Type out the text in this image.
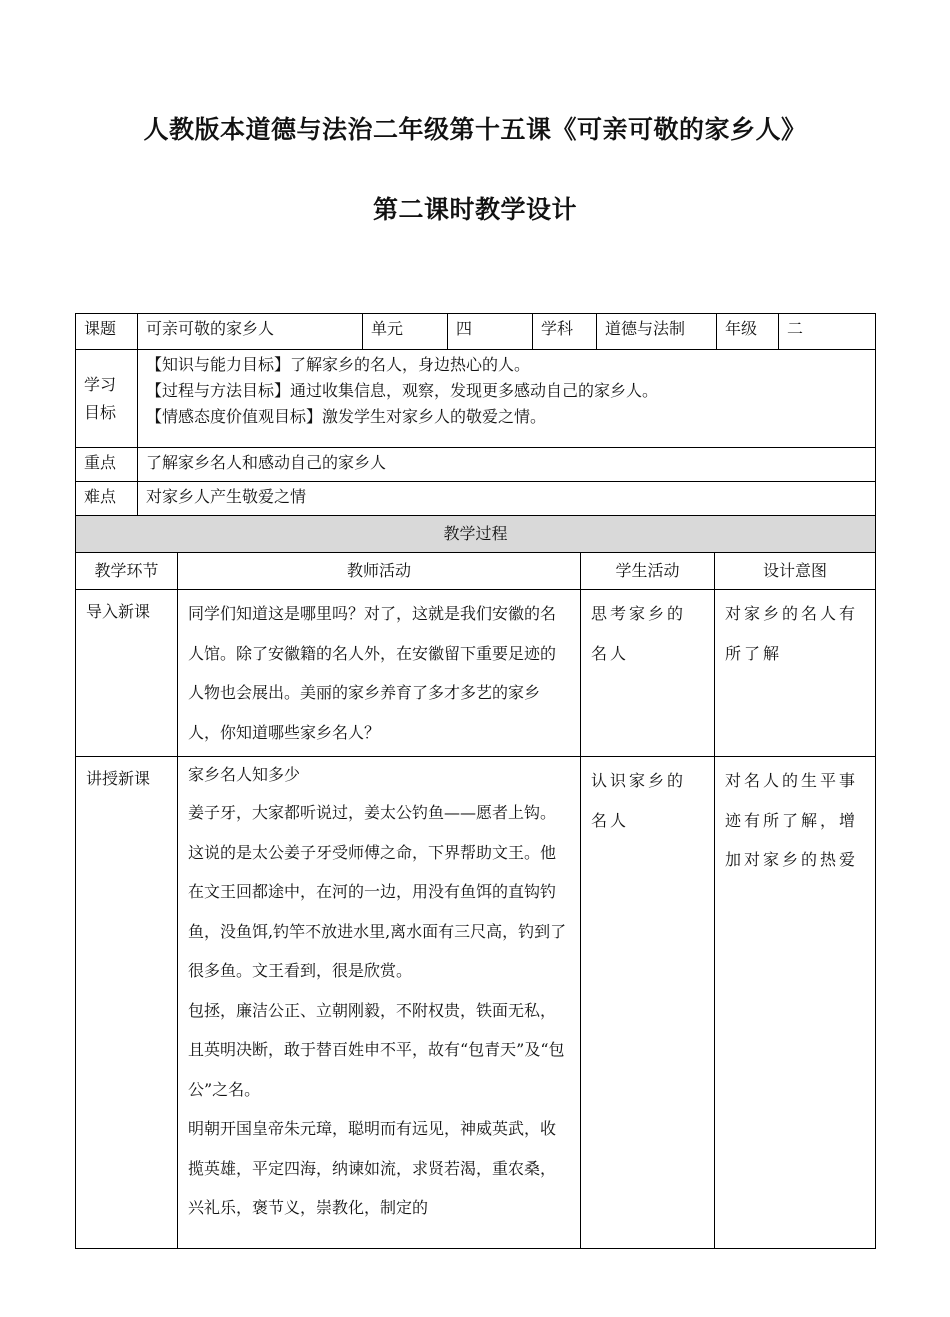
人教版本道德与法治二年级第十五课《可亲可敬的家乡人》
第二课时教学设计
课题	可亲可敬的家乡人	单元	四	学科	道德与法制	年级	二

学习
目标	【知识与能力目标】了解家乡的名人，身边热心的人。
【过程与方法目标】通过收集信息，观察，发现更多感动自己的家乡人。
【情感态度价值观目标】激发学生对家乡人的敬爱之情。						

重点	了解家乡名人和感动自己的家乡人						
难点	对家乡人产生敬爱之情						
教学过程			
教学环节	教师活动	学生活动	设计意图
导入新课	同学们知道这是哪里吗？对了，这就是我们安徽的名人馆。除了安徽籍的名人外，在安徽留下重要足迹的人物也会展出。美丽的家乡养育了多才多艺的家乡人，你知道哪些家乡名人？	思考家乡的名人	对家乡的名人有所了解
讲授新课	家乡名人知多少
姜子牙，大家都听说过，姜太公钓鱼——愿者上钩。这说的是太公姜子牙受师傅之命，下界帮助文王。他在文王回都途中，在河的一边，用没有鱼饵的直钩钓鱼，没鱼饵,钓竿不放进水里,离水面有三尺高，钓到了很多鱼。文王看到，很是欣赏。
包拯，廉洁公正、立朝刚毅，不附权贵，铁面无私，且英明决断，敢于替百姓申不平，故有“包青天”及“包公”之名。
明朝开国皇帝朱元璋，聪明而有远见，神威英武，收揽英雄，平定四海，纳谏如流，求贤若渴，重农桑，兴礼乐，褒节义，崇教化，制定的	认识家乡的名人	对名人的生平事迹有所了解，增加对家乡的热爱
